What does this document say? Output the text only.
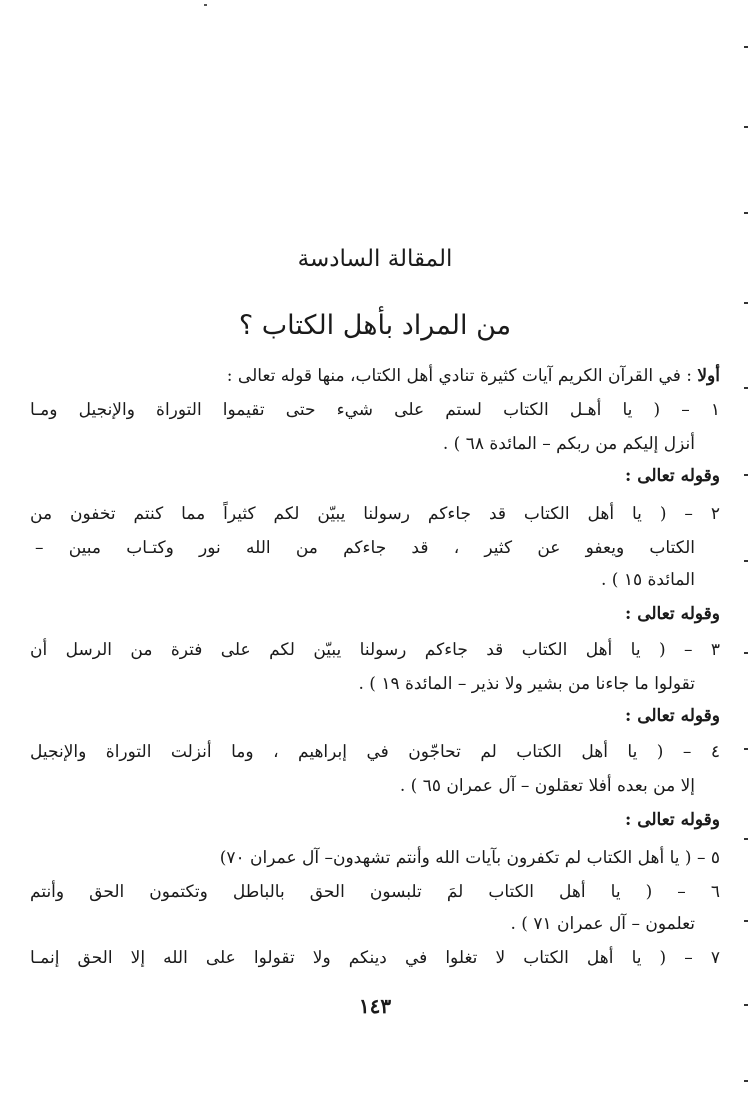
المقالة السادسة
من المراد بأهل الكتاب ؟
أولا : في القرآن الكريم آيات كثيرة تنادي أهل الكتاب، منها قوله تعالى :
١ – ( يا أهـل الكتاب لستم على شيء حتى تقيموا التوراة والإنجيل ومـا
أنزل إليكم من ربكم – المائدة ٦٨ ) .
وقوله تعالى :
٢ – ( يا أهل الكتاب قد جاءكم رسولنا يبيّن لكم كثيراً مما كنتم تخفون من
الكتاب ويعفو عن كثير ، قد جاءكم من الله نور وكتـاب مبين –
المائدة ١٥ ) .
وقوله تعالى :
٣ – ( يا أهل الكتاب قد جاءكم رسولنا يبيّن لكم على فترة من الرسل أن
تقولوا ما جاءنا من بشير ولا نذير – المائدة ١٩ ) .
وقوله تعالى :
٤ – ( يا أهل الكتاب لم تحاجّون في إبراهيم ، وما أنزلت التوراة والإنجيل
إلا من بعده أفلا تعقلون – آل عمران ٦٥ ) .
وقوله تعالى :
٥ – ( يا أهل الكتاب لم تكفرون بآيات الله وأنتم تشهدون– آل عمران ٧٠)
٦ – ( يا أهل الكتاب لمَ تلبسون الحق بالباطل وتكتمون الحق وأنتم
تعلمون – آل عمران ٧١ ) .
٧ – ( يا أهل الكتاب لا تغلوا في دينكم ولا تقولوا على الله إلا الحق إنمـا
١٤٣
